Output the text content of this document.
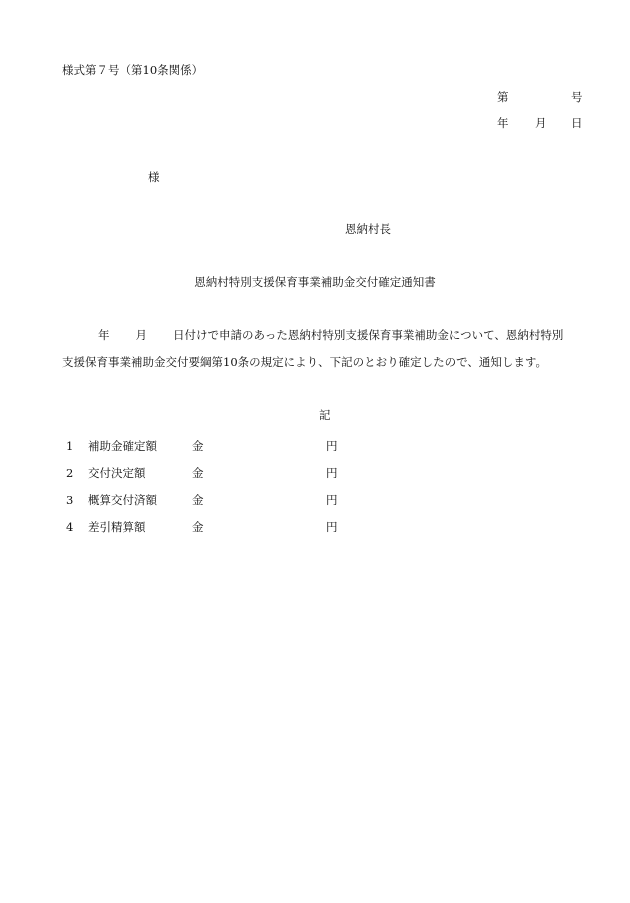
様式第７号（第10条関係）
第	号
年 月 日
様
恩納村長
恩納村特別支援保育事業補助金交付確定通知書
年 月 日付けで申請のあった恩納村特別支援保育事業補助金について、恩納村特別
支援保育事業補助金交付要綱第10条の規定により、下記のとおり確定したので、通知します。
記
1 補助金確定額	金	円
2 交付決定額	金	円
3 概算交付済額	金	円
4 差引精算額	金	円
